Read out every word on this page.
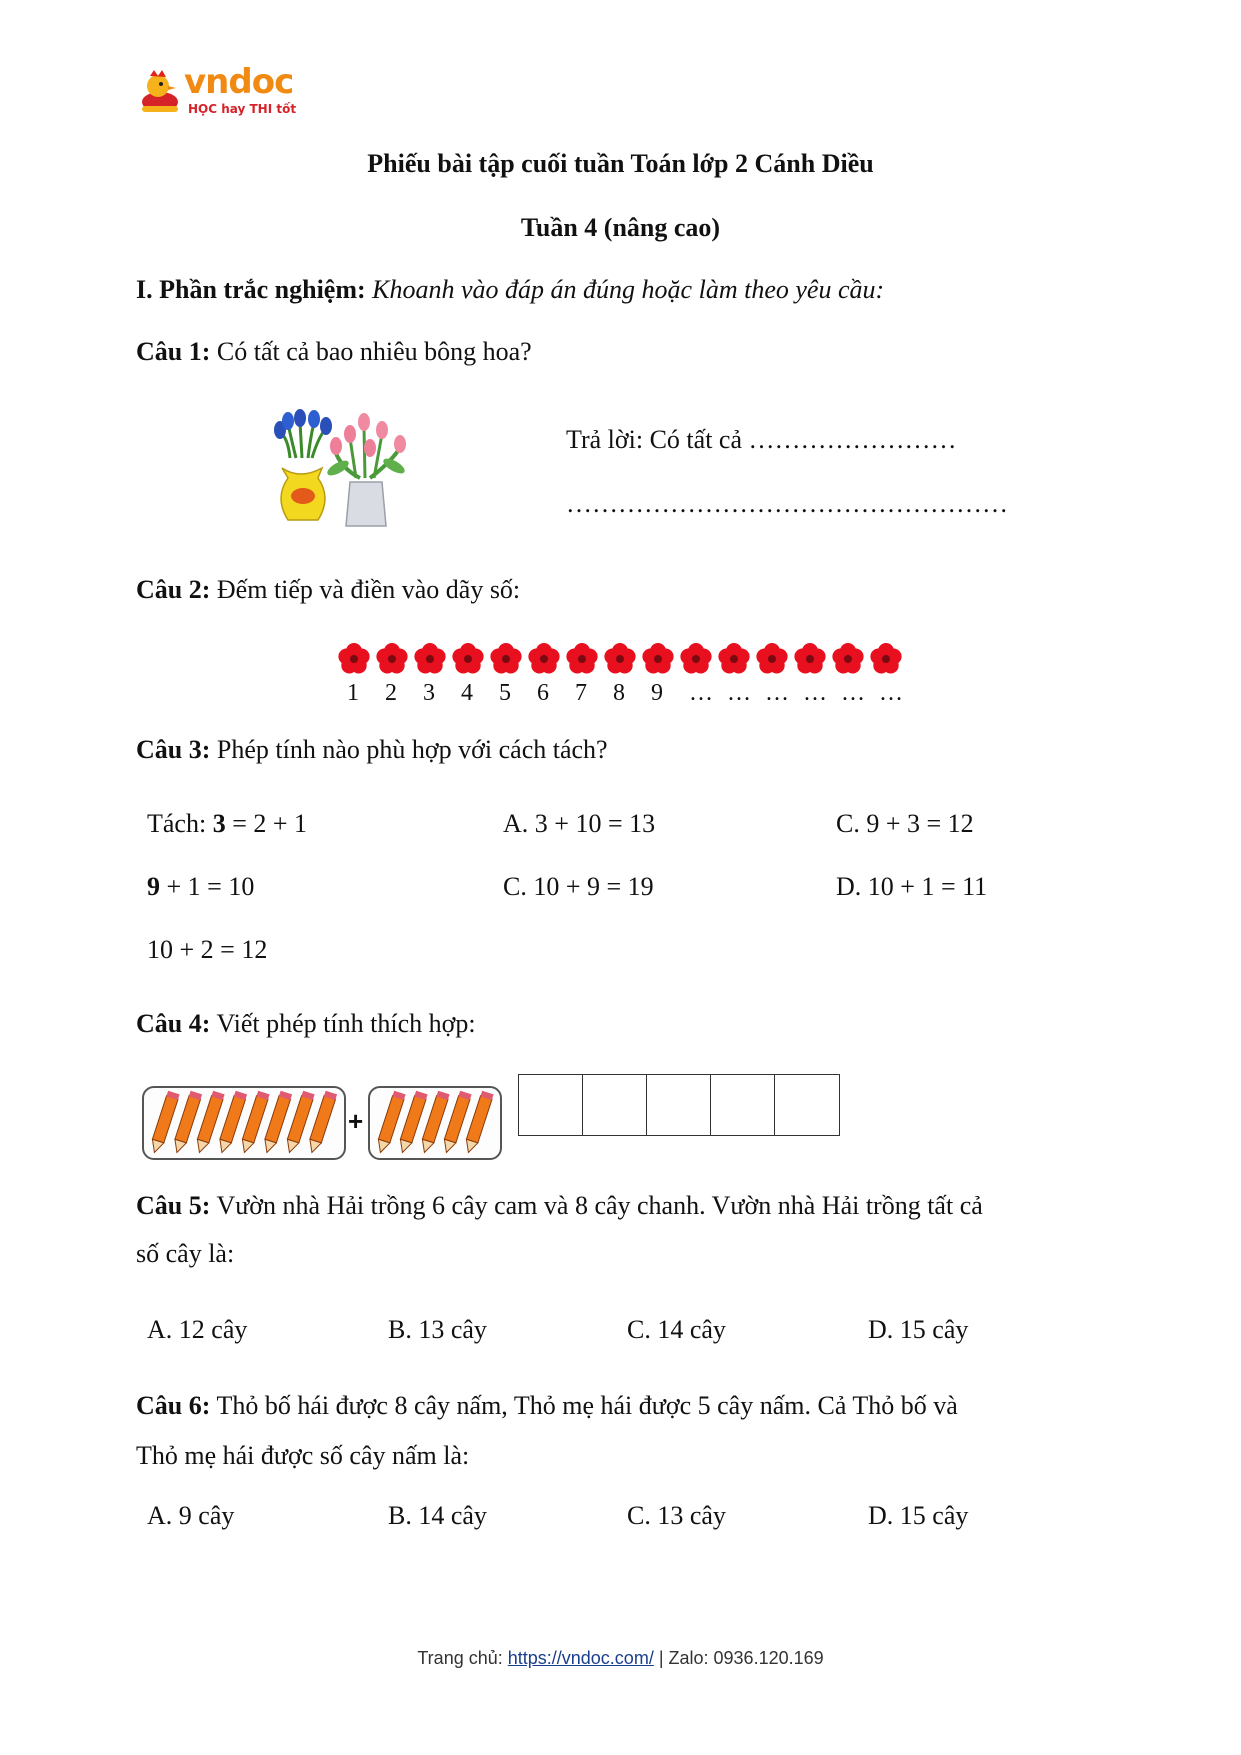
vndoc
HỌC hay THI tốt
Phiếu bài tập cuối tuần Toán lớp 2 Cánh Diều
Tuần 4 (nâng cao)
I. Phần trắc nghiệm: Khoanh vào đáp án đúng hoặc làm theo yêu cầu:
Câu 1: Có tất cả bao nhiêu bông hoa?
Trả lời: Có tất cả ……………………
……………………………………………
Câu 2: Đếm tiếp và điền vào dãy số:
1 2 3 4 5 6 7 8 9 … … … … … …
Câu 3: Phép tính nào phù hợp với cách tách?
Tách: 3 = 2 + 1	A. 3 + 10 = 13	C. 9 + 3 = 12
9 + 1 = 10	C. 10 + 9 = 19	D. 10 + 1 = 11
10 + 2 = 12
Câu 4: Viết phép tính thích hợp:
+
Câu 5: Vườn nhà Hải trồng 6 cây cam và 8 cây chanh. Vườn nhà Hải trồng tất cả
số cây là:
A. 12 cây	B. 13 cây	C. 14 cây	D. 15 cây
Câu 6: Thỏ bố hái được 8 cây nấm, Thỏ mẹ hái được 5 cây nấm. Cả Thỏ bố và
Thỏ mẹ hái được số cây nấm là:
A. 9 cây	B. 14 cây	C. 13 cây	D. 15 cây
Trang chủ: https://vndoc.com/ | Zalo: 0936.120.169
